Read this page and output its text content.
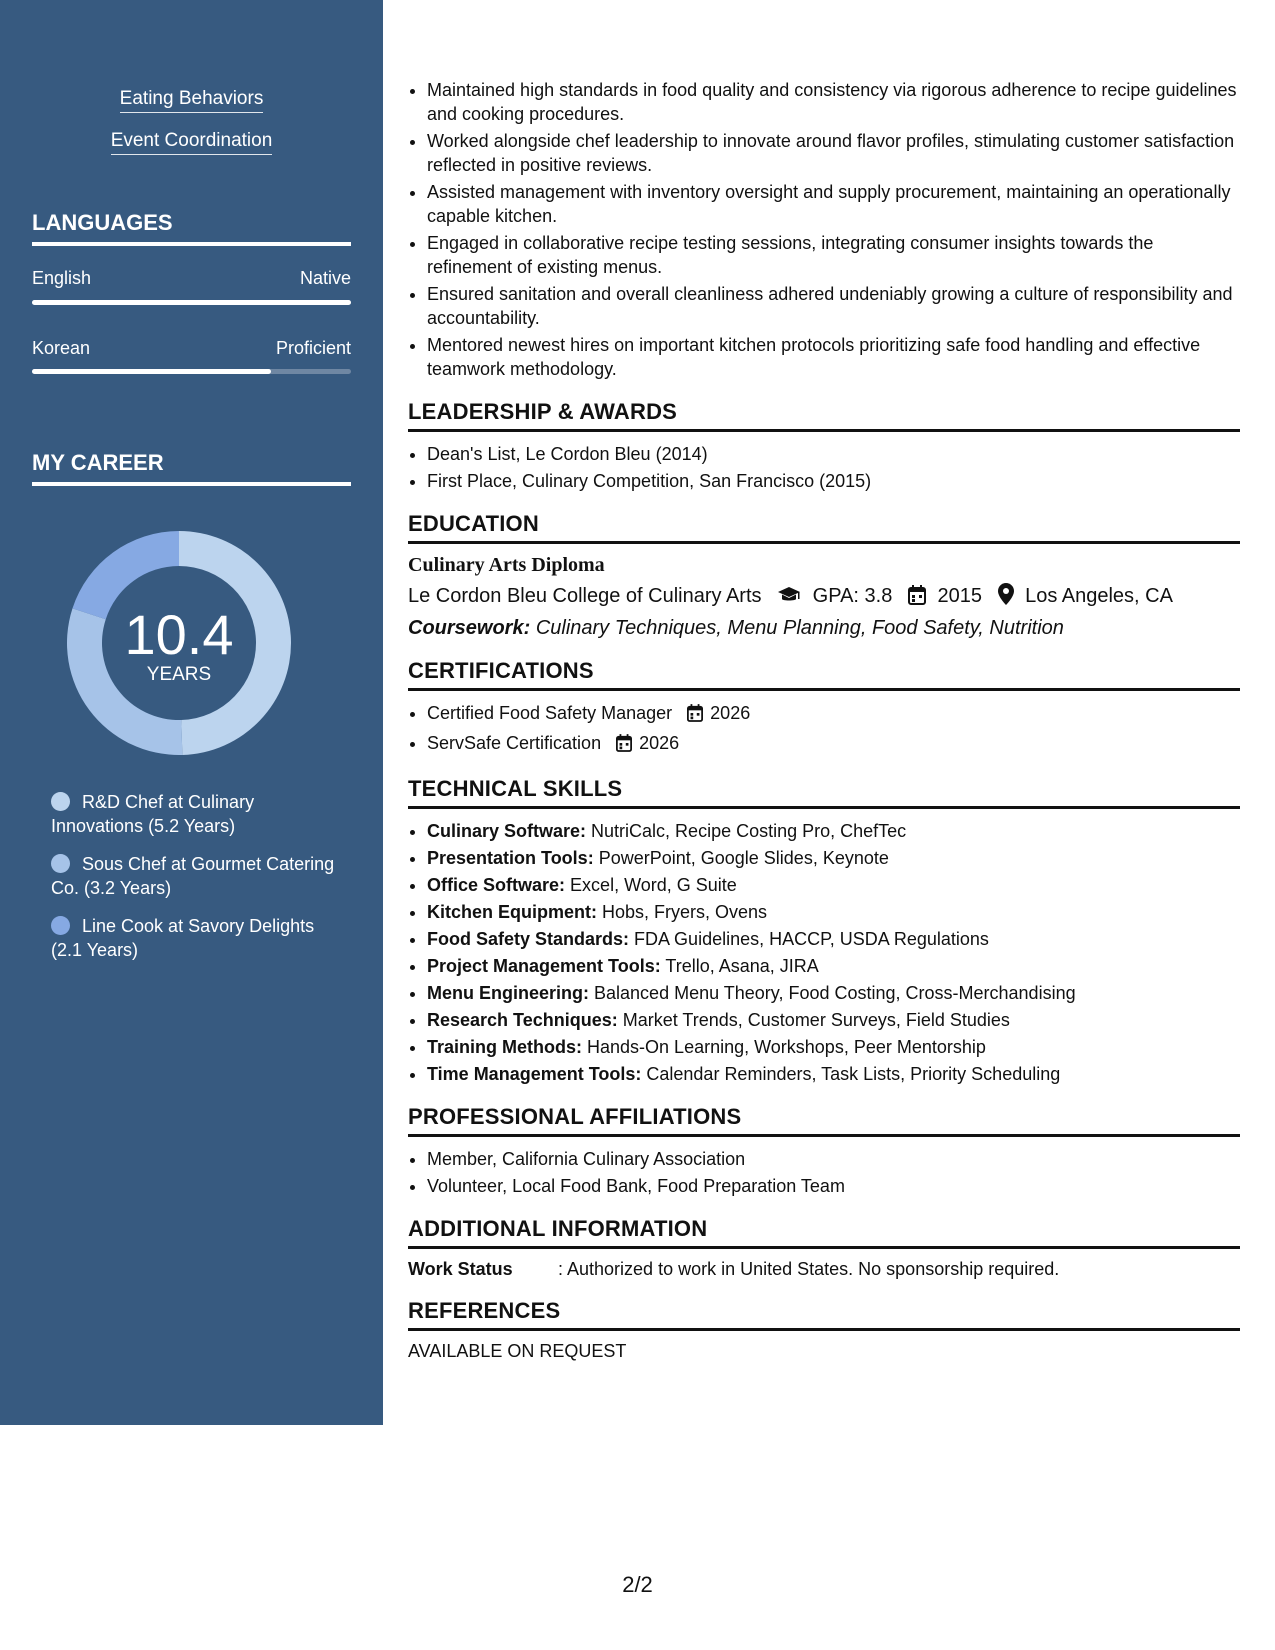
Eating Behaviors
Event Coordination
LANGUAGES
English	Native
Korean	Proficient
MY CAREER
10.4
YEARS
R&D Chef at Culinary Innovations (5.2 Years)
Sous Chef at Gourmet Catering Co. (3.2 Years)
Line Cook at Savory Delights (2.1 Years)
• Maintained high standards in food quality and consistency via rigorous adherence to recipe guidelines and cooking procedures.
• Worked alongside chef leadership to innovate around flavor profiles, stimulating customer satisfaction reflected in positive reviews.
• Assisted management with inventory oversight and supply procurement, maintaining an operationally capable kitchen.
• Engaged in collaborative recipe testing sessions, integrating consumer insights towards the refinement of existing menus.
• Ensured sanitation and overall cleanliness adhered undeniably growing a culture of responsibility and accountability.
• Mentored newest hires on important kitchen protocols prioritizing safe food handling and effective teamwork methodology.
LEADERSHIP & AWARDS
• Dean's List, Le Cordon Bleu (2014)
• First Place, Culinary Competition, San Francisco (2015)
EDUCATION
Culinary Arts Diploma
Le Cordon Bleu College of Culinary Arts	GPA: 3.8 2015 Los Angeles, CA
Coursework: Culinary Techniques, Menu Planning, Food Safety, Nutrition
CERTIFICATIONS
• Certified Food Safety Manager 2026
• ServSafe Certification 2026
TECHNICAL SKILLS
• Culinary Software: NutriCalc, Recipe Costing Pro, ChefTec
• Presentation Tools: PowerPoint, Google Slides, Keynote
• Office Software: Excel, Word, G Suite
• Kitchen Equipment: Hobs, Fryers, Ovens
• Food Safety Standards: FDA Guidelines, HACCP, USDA Regulations
• Project Management Tools: Trello, Asana, JIRA
• Menu Engineering: Balanced Menu Theory, Food Costing, Cross-Merchandising
• Research Techniques: Market Trends, Customer Surveys, Field Studies
• Training Methods: Hands-On Learning, Workshops, Peer Mentorship
• Time Management Tools: Calendar Reminders, Task Lists, Priority Scheduling
PROFESSIONAL AFFILIATIONS
• Member, California Culinary Association
• Volunteer, Local Food Bank, Food Preparation Team
ADDITIONAL INFORMATION
Work Status	: Authorized to work in United States. No sponsorship required.
REFERENCES
AVAILABLE ON REQUEST
2/2
